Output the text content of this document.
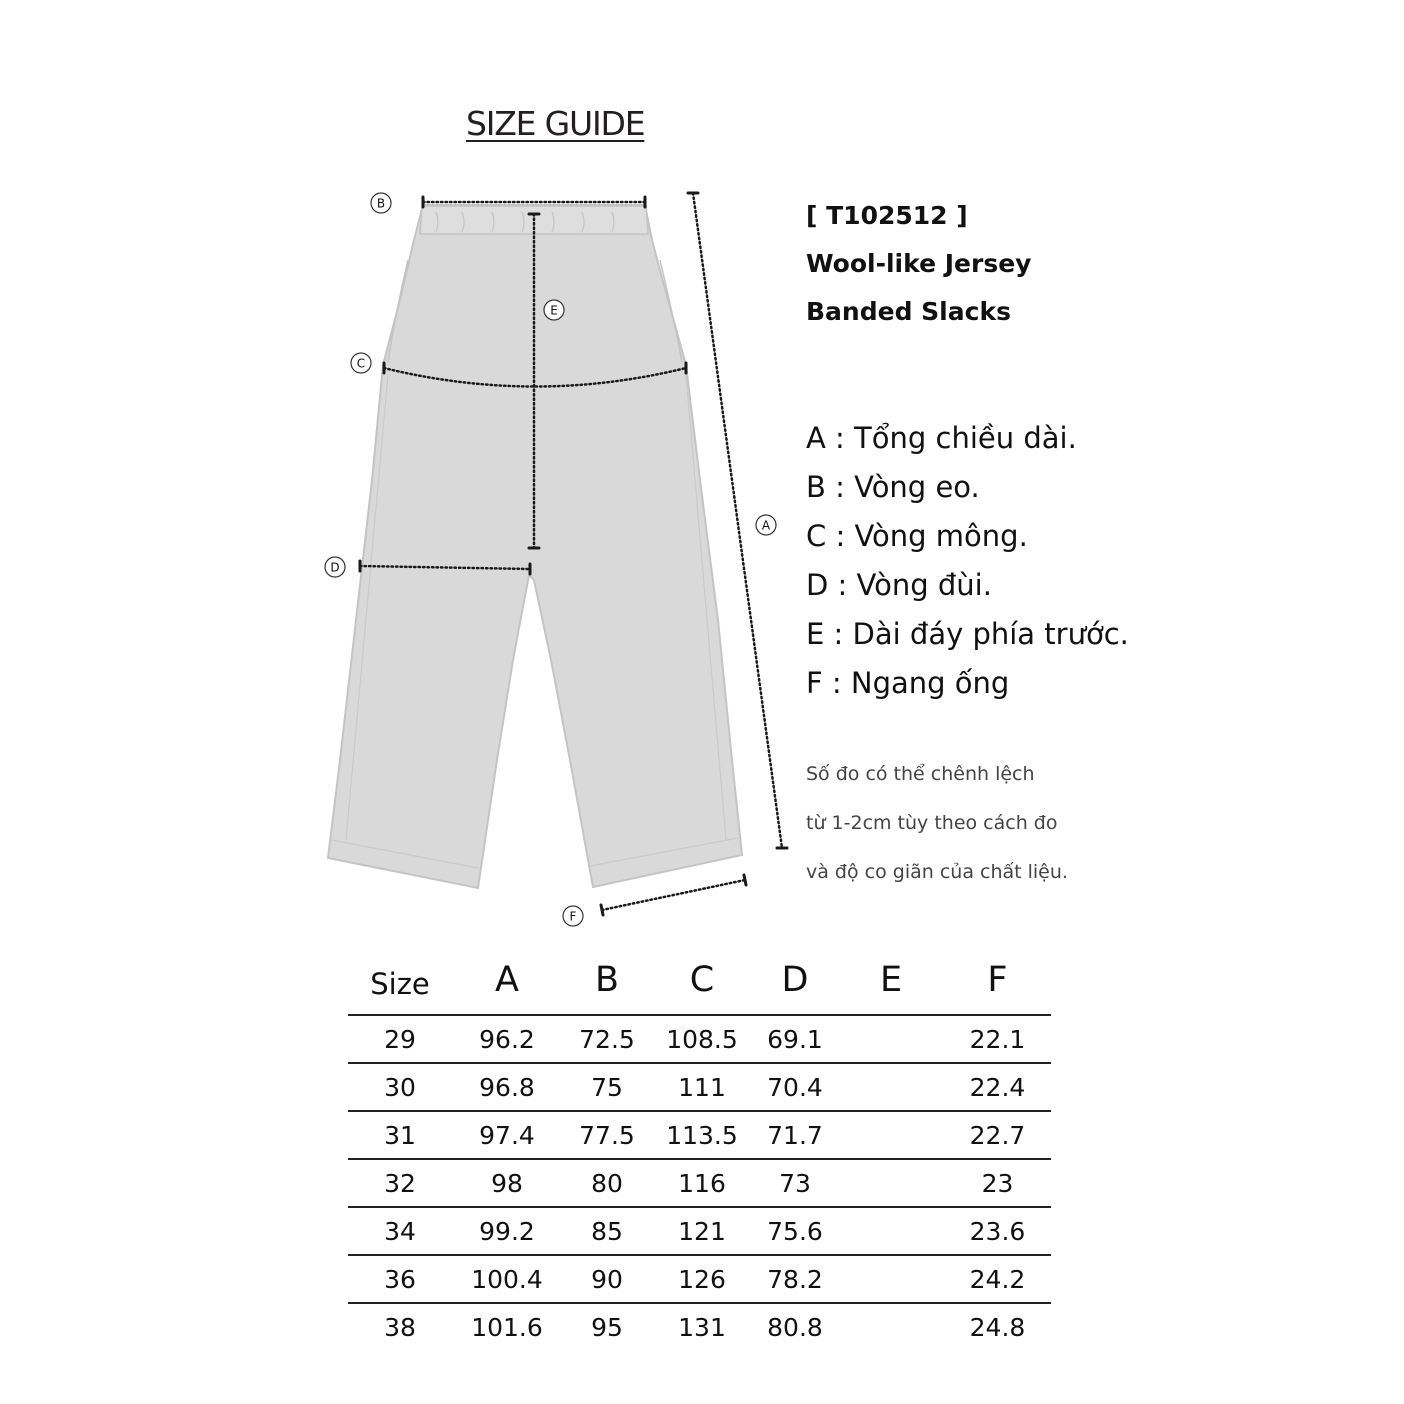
SIZE GUIDE
B
E
C
D
A
F
[ T102512 ]
Wool-like Jersey
Banded Slacks
A : Tổng chiều dài.
B : Vòng eo.
C : Vòng mông.
D : Vòng đùi.
E : Dài đáy phía trước.
F : Ngang ống
Số đo có thể chênh lệch
từ 1-2cm tùy theo cách đo
và độ co giãn của chất liệu.
Size	A	B	C	D	E	F
29	96.2	72.5	108.5	69.1		22.1
30	96.8	75	111	70.4		22.4
31	97.4	77.5	113.5	71.7		22.7
32	98	80	116	73		23
34	99.2	85	121	75.6		23.6
36	100.4	90	126	78.2		24.2
38	101.6	95	131	80.8		24.8
